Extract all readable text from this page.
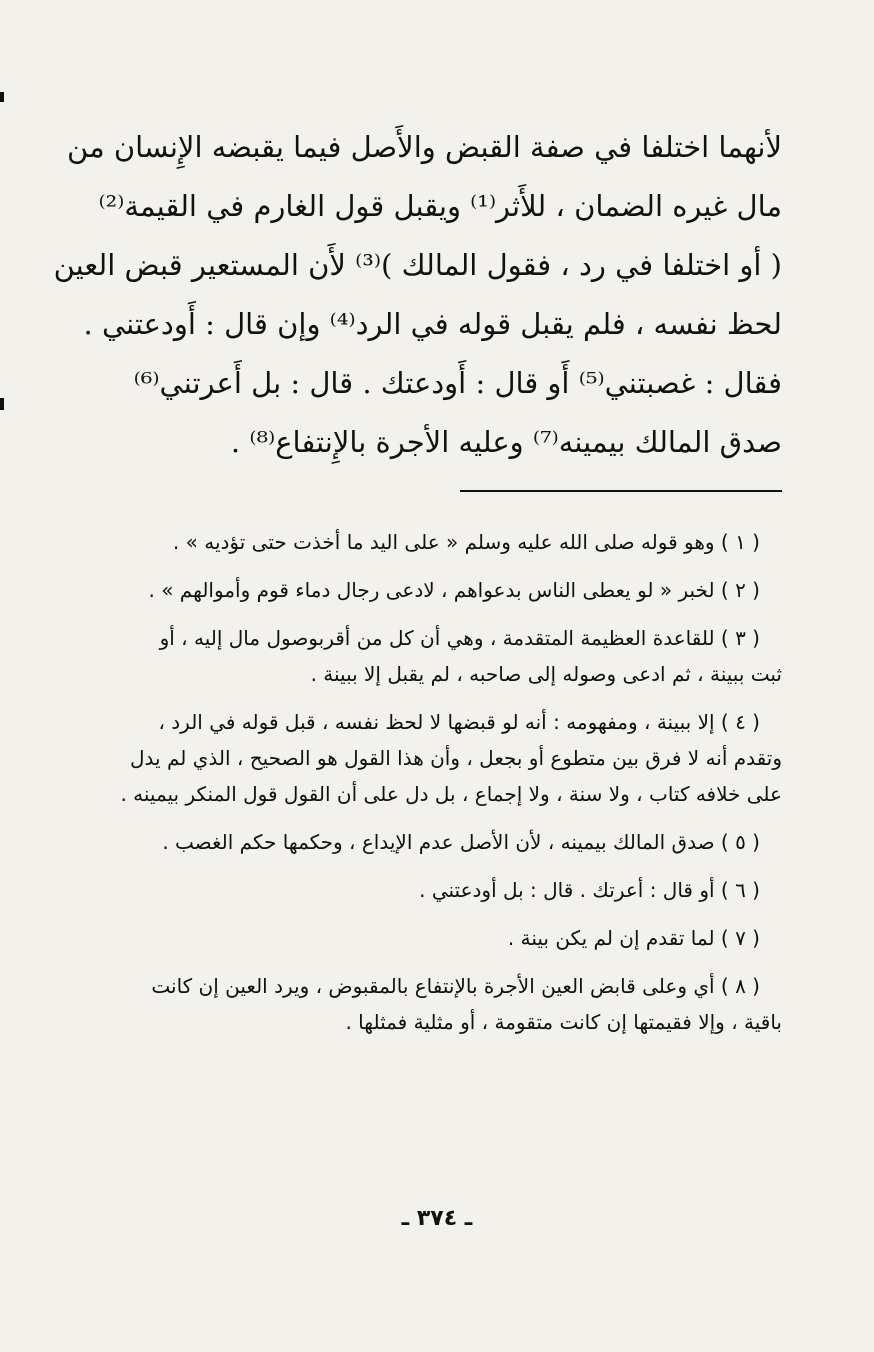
لأنهما اختلفا في صفة القبض والأَصل فيما يقبضه الإِنسان من
مال غيره الضمان ، للأَثر⁽¹⁾ ويقبل قول الغارم في القيمة⁽²⁾
( أو اختلفا في رد ، فقول المالك )⁽³⁾ لأَن المستعير قبض العين
لحظ نفسه ، فلم يقبل قوله في الرد⁽⁴⁾ وإن قال : أَودعتني .
فقال : غصبتني⁽⁵⁾ أَو قال : أَودعتك . قال : بل أَعرتني⁽⁶⁾
صدق المالك بيمينه⁽⁷⁾ وعليه الأجرة بالإِنتفاع⁽⁸⁾ .
( ١ ) وهو قوله صلى الله عليه وسلم « على اليد ما أخذت حتى تؤديه » .
( ٢ ) لخبر « لو يعطى الناس بدعواهم ، لادعى رجال دماء قوم وأموالهم » .
( ٣ ) للقاعدة العظيمة المتقدمة ، وهي أن كل من أقربوصول مال إليه ، أو
ثبت ببينة ، ثم ادعى وصوله إلى صاحبه ، لم يقبل إلا ببينة .
( ٤ ) إلا ببينة ، ومفهومه : أنه لو قبضها لا لحظ نفسه ، قبل قوله في الرد ،
وتقدم أنه لا فرق بين متطوع أو بجعل ، وأن هذا القول هو الصحيح ، الذي لم يدل
على خلافه كتاب ، ولا سنة ، ولا إجماع ، بل دل على أن القول قول المنكر بيمينه .
( ٥ ) صدق المالك بيمينه ، لأن الأصل عدم الإيداع ، وحكمها حكم الغصب .
( ٦ ) أو قال : أعرتك . قال : بل أودعتني .
( ٧ ) لما تقدم إن لم يكن بينة .
( ٨ ) أي وعلى قابض العين الأجرة بالإنتفاع بالمقبوض ، ويرد العين إن كانت
باقية ، وإلا فقيمتها إن كانت متقومة ، أو مثلية فمثلها .
ـ ٣٧٤ ـ
